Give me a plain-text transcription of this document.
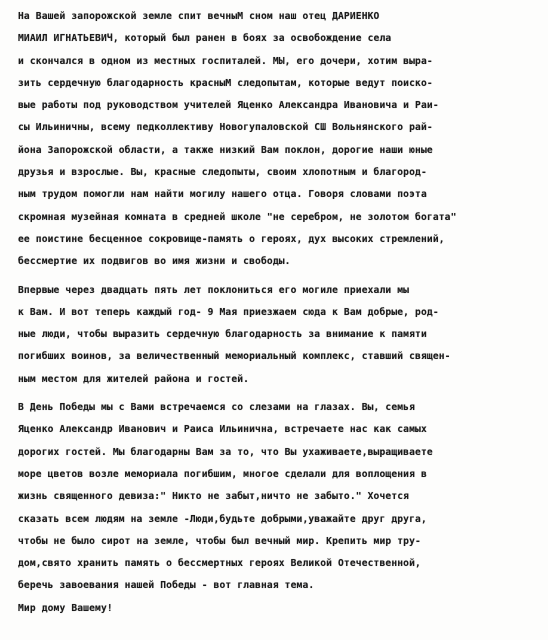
На Вашей запорожской земле спит вечныМ сном наш отец ДАРИЕНКО
МИАИЛ ИГНАТЬЕВИЧ, который был ранен в боях за освобождение села
и скончался в одном из местных госпиталей. МЫ, его дочери, хотим выра-
зить сердечную благодарность красныМ следопытам, которые ведут поиско-
вые работы под руководством учителей Яценко Александра Ивановича и Раи-
сы Ильиничны, всему педколлективу Новогупаловской СШ Вольнянского рай-
йона Запорожской области, а также низкий Вам поклон, дорогие наши юные
друзья и взрослые. Вы, красные следопыты, своим хлопотным и благород-
ным трудом помогли нам найти могилу нашего отца. Говоря словами поэта
скромная музейная комната в средней школе "не серебром, не золотом богата"
ее поистине бесценное сокровище-память о героях, дух высоких стремлений,
бессмертие их подвигов во имя жизни и свободы.
Впервые через двадцать пять лет поклониться его могиле приехали мы
к Вам. И вот теперь каждый год- 9 Мая приезжаем сюда к Вам добрые, род-
ные люди, чтобы выразить сердечную благодарность за внимание к памяти
погибших воинов, за величественный мемориальный комплекс, ставший священ-
ным местом для жителей района и гостей.
В День Победы мы с Вами встречаемся со слезами на глазах. Вы, семья
Яценко Александр Иванович и Раиса Ильинична, встречаете нас как самых
дорогих гостей. Мы благодарны Вам за то, что Вы ухаживаете,выращиваете
море цветов возле мемориала погибшим, многое сделали для воплощения в
жизнь священного девиза:" Никто не забыт,ничто не забыто." Хочется
сказать всем людям на земле -Люди,будьте добрыми,уважайте друг друга,
чтобы не было сирот на земле, чтобы был вечный мир. Крепить мир тру-
дом,свято хранить память о бессмертных героях Великой Отечественной,
беречь завоевания нашей Победы - вот главная тема.
Мир дому Вашему!
